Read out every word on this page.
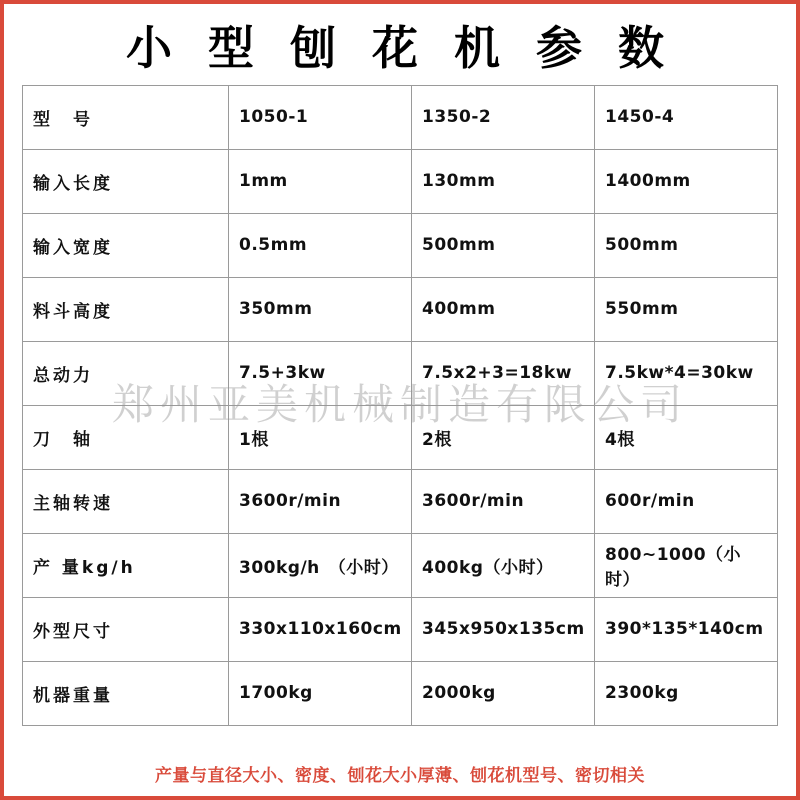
小 型 刨 花 机 参 数
郑州亚美机械制造有限公司
型　号	1050-1	1350-2	1450-4
输入长度	1mm	130mm	1400mm
输入宽度	0.5mm	500mm	500mm
料斗高度	350mm	400mm	550mm
总动力	7.5+3kw	7.5x2+3=18kw	7.5kw*4=30kw
刀　轴	1根	2根	4根
主轴转速	3600r/min	3600r/min	600r/min
产 量kg/h	300kg/h　（小时）	400kg（小时）	800~1000（小时）
外型尺寸	330x110x160cm	345x950x135cm	390*135*140cm
机器重量	1700kg	2000kg	2300kg
产量与直径大小、密度、刨花大小厚薄、刨花机型号、密切相关
